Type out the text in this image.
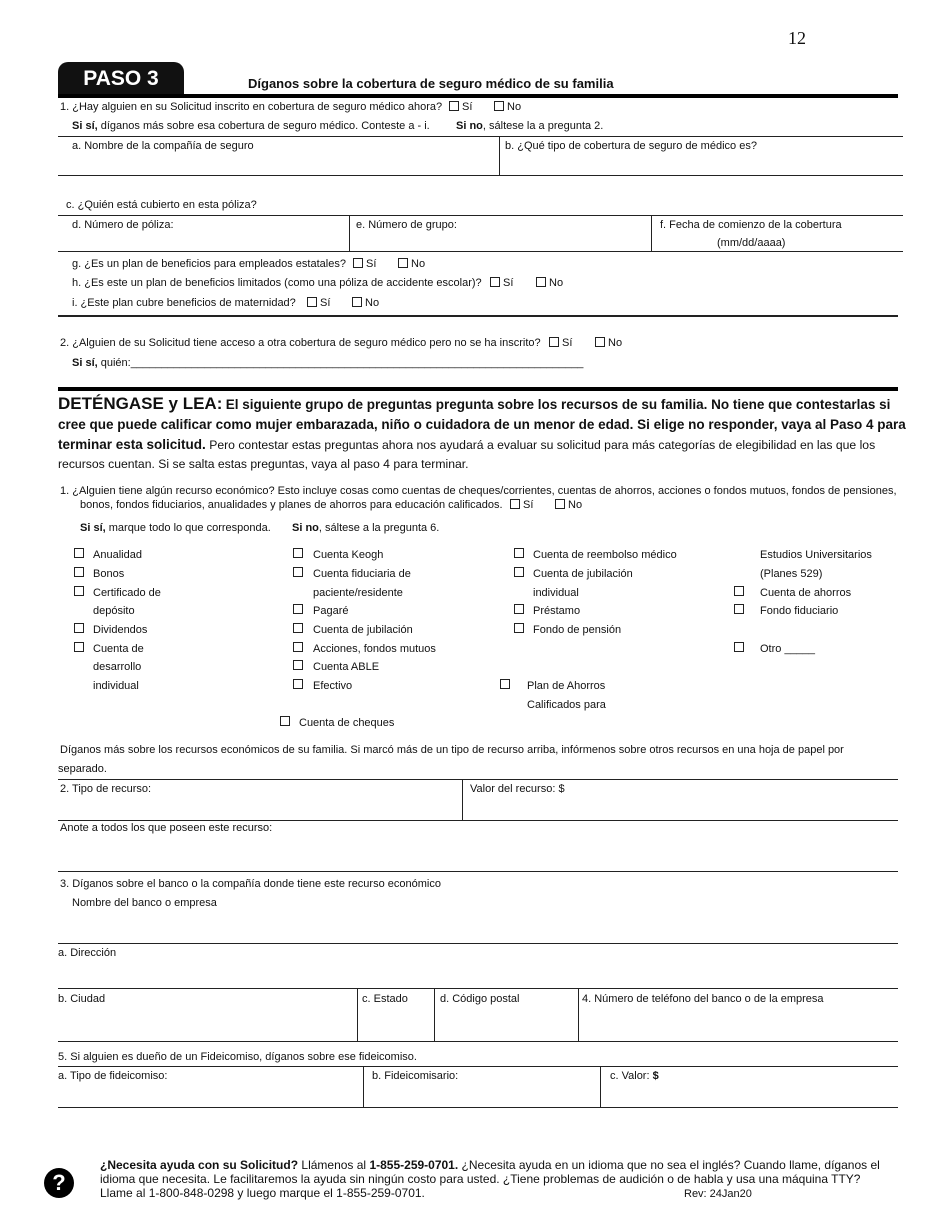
12
PASO 3	Díganos sobre la cobertura de seguro médico de su familia
1. ¿Hay alguien en su Solicitud inscrito en cobertura de seguro médico ahora?	Sí	No
Si sí, díganos más sobre esa cobertura de seguro médico. Conteste a - i. Si no, sáltese la a pregunta 2.
a. Nombre de la compañía de seguro	b. ¿Qué tipo de cobertura de seguro de médico es?
c. ¿Quién está cubierto en esta póliza?
d. Número de póliza:	e. Número de grupo:	f. Fecha de comienzo de la cobertura
(mm/dd/aaaa)
g. ¿Es un plan de beneficios para empleados estatales?	Sí	No
h. ¿Es este un plan de beneficios limitados (como una póliza de accidente escolar)?	Sí	No
i. ¿Este plan cubre beneficios de maternidad?	Sí	No
2. ¿Alguien de su Solicitud tiene acceso a otra cobertura de seguro médico pero no se ha inscrito?	Sí	No
Si sí, quién:__________________________________________________________________________
DETÉNGASE y LEA: El siguiente grupo de preguntas pregunta sobre los recursos de su familia. No tiene que contestarlas si cree que puede calificar como mujer embarazada, niño o cuidadora de un menor de edad. Si elige no responder, vaya al Paso 4 para terminar esta solicitud. Pero contestar estas preguntas ahora nos ayudará a evaluar su solicitud para más categorías de elegibilidad en las que los recursos cuentan. Si se salta estas preguntas, vaya al paso 4 para terminar.
1. ¿Alguien tiene algún recurso económico? Esto incluye cosas como cuentas de cheques/corrientes, cuentas de ahorros, acciones o fondos mutuos, fondos de pensiones,
bonos, fondos fiduciarios, anualidades y planes de ahorros para educación calificados.	Sí	No
Si sí, marque todo lo que corresponda. Si no, sáltese a la pregunta 6.
Anualidad
Bonos
Certificado de
depósito
Dividendos
Cuenta de
desarrollo
individual
Cuenta Keogh
Cuenta fiduciaria de
paciente/residente
Pagaré
Cuenta de jubilación
Acciones, fondos mutuos
Cuenta ABLE
Efectivo
Cuenta de cheques
Cuenta de reembolso médico
Cuenta de jubilación
individual
Préstamo
Fondo de pensión
Plan de Ahorros
Calificados para
Estudios Universitarios
(Planes 529)
Cuenta de ahorros
Fondo fiduciario
Otro _____
Díganos más sobre los recursos económicos de su familia. Si marcó más de un tipo de recurso arriba, infórmenos sobre otros recursos en una hoja de papel por
separado.
2. Tipo de recurso:	Valor del recurso: $
Anote a todos los que poseen este recurso:
3. Díganos sobre el banco o la compañía donde tiene este recurso económico
Nombre del banco o empresa
a. Dirección
b. Ciudad	c. Estado	d. Código postal	4. Número de teléfono del banco o de la empresa
5. Si alguien es dueño de un Fideicomiso, díganos sobre ese fideicomiso.
a. Tipo de fideicomiso:	b. Fideicomisario:	c. Valor: $
?
¿Necesita ayuda con su Solicitud? Llámenos al 1-855-259-0701. ¿Necesita ayuda en un idioma que no sea el inglés? Cuando llame, díganos el idioma que necesita. Le facilitaremos la ayuda sin ningún costo para usted. ¿Tiene problemas de audición o de habla y usa una máquina TTY? Llame al 1-800-848-0298 y luego marque el 1-855-259-0701.	Rev: 24Jan20
